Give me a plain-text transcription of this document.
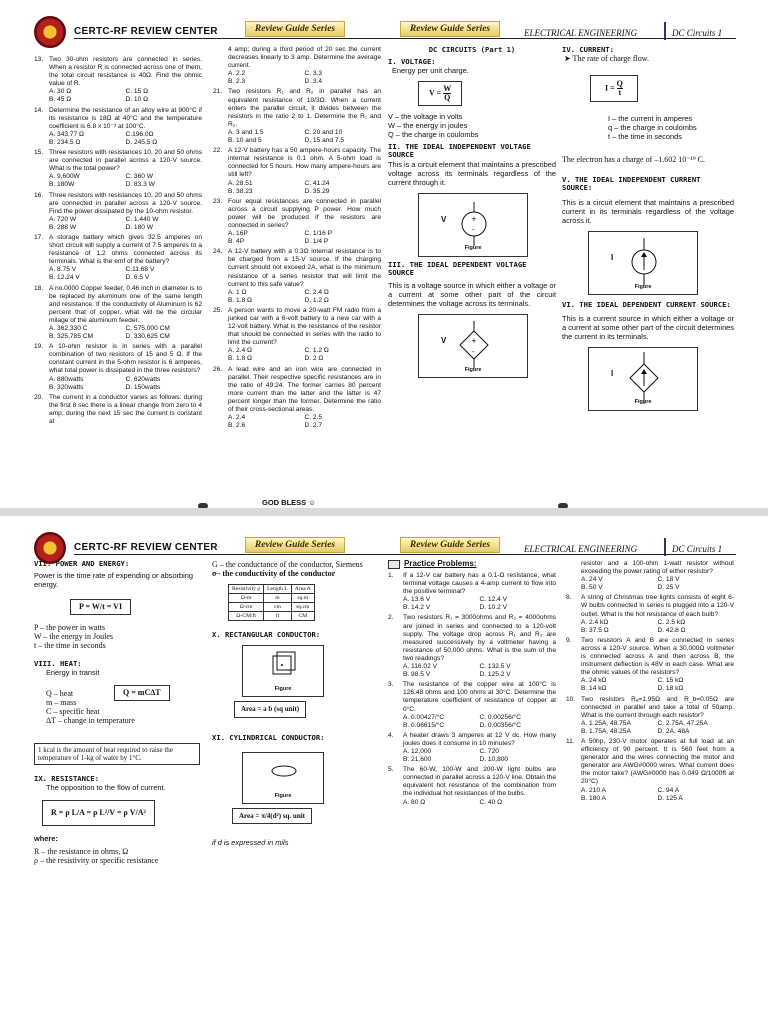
CERTC-RF REVIEW CENTER	Review Guide Series	Review Guide Series	ELECTRICAL ENGINEERING	DC Circuits 1
13. Two 30-ohm resistors are connected in series. When a resistor R is connected across one of them, the total circuit resistance is 40Ω. Find the ohmic value of R.
A. 30 Ω	C. 15 Ω
B. 45 Ω	D. 10 Ω
14. Determine the resistance of an alloy wire at 900°C if its resistance is 18Ω at 40°C and the temperature coefficient is 6.8 x 10⁻³ at 100°C.
A. 343.77 Ω	C.196.0Ω
B. 234.5 Ω	D. 245.5 Ω
15. Three resistors with resistances 10, 20 and 50 ohms are connected in parallel across a 120-V source. What is the total power?
A. 9,600W	C. 360 W
B. 180W	D. 83.3 W
16. Three resistors with resistances 10, 20 and 50 ohms are connected in parallel across a 120-V source. Find the power dissipated by the 10-ohm resistor.
A. 720 W	C. 1,440 W
B. 288 W	D. 180 W
17. A storage battery which gives 32.5 amperes on short circuit will supply a current of 7.5 amperes to a resistance of 1.2 ohms connected across its terminals. What is the emf of the battery?
A. 8.75 V	C.11.68 V
B. 12.24 V	D. 6.5 V
18. A no.0000 Copper feeder, 0.46 inch in diameter is to be replaced by aluminum one of the same length and resistance. If the conductivity of Aluminum is 62 percent that of copper, what will be the circular milage of the aluminum feeder.
A. 362,330 C	C. 575,000 CM
B. 325,785 CM	D. 330,625 CM
19. A 10-ohm resistor is in series with a parallel combination of two resistors of 15 and 5 Ω. If the constant current in the 5-ohm resistor is 6 amperes, what total power is dissipated in the three resistors?
A. 880watts	C. 620watts
B. 320watts	D. 150watts
20. The current in a conductor varies as follows: during the first 8 sec there is a linear change from zero to 4 amp; during the next 15 sec the current is constant at
4 amp; during a third period of 20 sec the current decreases linearly to 3 amp. Determine the average current.
A. 2.2	C. 3.3
B. 2.3	D. 3.4
21. Two resistors R₁ and R₂ in parallel has an equivalent resistance of 10/3Ω. When a current enters the parallel circuit, it divides between the resistors in the ratio 2 to 1. Determine the R₁ and R₂.
A. 3 and 1.5	C. 20 and 10
B. 10 and 5	D. 15 and 7.5
22. A 12-V battery has a 50 ampere-hours capacity. The internal resistance is 0.1 ohm. A 5-ohm load is connected for 5 hours. How many ampere-hours are still left?
A. 28.51	C. 41.24
B. 38.23	D. 35.29
23. Four equal resistances are connected in parallel across a circuit supplying P power. How much power will be produced if the resistors are connected in series?
A. 16P	C. 1/16 P
B. 4P	D. 1/4 P
24. A 12-V battery with a 0.3Ω internal resistance is to be charged from a 15-V source. If the charging current should not exceed 2A, what is the minimum resistance of a series resistor that will limit the current to this safe value?
A. 1 Ω	C. 2.4 Ω
B. 1.8 Ω	D. 1.2 Ω
25. A person wants to move a 20-watt FM radio from a junked car with a 6-volt battery to a new car with a 12-volt battery. What is the resistance of the resistor that should be connected in series with the radio to limit the current?
A. 2.4 Ω	C. 1.2 Ω
B. 1.8 Ω	D. 2 Ω
26. A lead wire and an iron wire are connected in parallel. Their respective specific resistances are in the ratio of 49:24. The former carries 80 percent more current than the latter and the latter is 47 percent longer than the former. Determine the ratio of their cross-sectional areas.
A. 2.4	C. 2.5
B. 2.6	D. 2.7
GOD BLESS ☺
DC CIRCUITS (Part 1)
I. VOLTAGE:
Energy per unit charge.
$V = \frac{W}{Q}$
V – the voltage in volts
W – the energy in joules
Q – the charge in coulombs
II. THE IDEAL INDEPENDENT VOLTAGE SOURCE
This is a circuit element that maintains a prescribed voltage across its terminals regardless of the current through it.
V	+
-
Figure
III. THE IDEAL DEPENDENT VOLTAGE SOURCE
This is a voltage source in which either a voltage or a current at some other part of the circuit determines the voltage across its terminals.
V	+
-
Figure
IV. CURRENT:
➤ The rate of charge flow.
$I = \frac{Q}{t}$
I – the current in amperes
q – the charge in coulombs
t – the time in seconds
The electron has a charge of –1.602 10⁻¹⁹ C.
V. THE IDEAL INDEPENDENT CURRENT SOURCE:
This is a circuit element that maintains a prescribed current in its terminals regardless of the voltage across it.
I
Figure
VI. THE IDEAL DEPENDENT CURRENT SOURCE:
This is a current source in which either a voltage or a current at some other part of the circuit determines the current in its terminals.
I
Figure
CERTC-RF REVIEW CENTER	Review Guide Series	Review Guide Series	ELECTRICAL ENGINEERING	DC Circuits 1
VII. POWER AND ENERGY:
Power is the time rate of expending or absorbing energy.
P = W/t = VI
P – the power in watts
W – the energy in Joules
t – the time in seconds
VIII. HEAT:
Energy in transit
Q – heat
m – mass
C – specific heat
ΔT – change in temperature
Q = mCΔT
1 kcal is the amount of heat required to raise the temperature of 1-kg of water by 1°C.
IX. RESISTANCE:
The opposition to the flow of current.
R = ρ L/A = ρ L²/V = ρ V/A²
where:
R – the resistance in ohms, Ω
ρ – the resistivity or specific resistance
G – the conductance of the conductor, Siemens
σ– the conductivity of the conductor
Resistivity ρ	Length L	Area A
Ω-m	m	sq.m
Ω-cm	cm	sq.cm
Ω-CM/ft	ft	CM
X. RECTANGULAR CONDUCTOR:
Figure
Area = a b (sq unit)
XI. CYLINDRICAL CONDUCTOR:
Figure
Area = π/4(d²) sq. unit
if d is expressed in mils
Practice Problems:
1.	If a 12-V car battery has a 0.1-Ω resistance, what terminal voltage causes a 4-amp current to flow into the positive terminal?
A. 13.6 V	C. 12.4 V
B. 14.2 V	D. 10.2 V
2.	Two resistors R₁ = 3000ohms and R₂ = 4000ohms are joined in series and connected to a 120-volt supply. The voltage drop across R₁ and R₂ are measured successively by a voltmeter having a resistance of 50,000 ohms. What is the sum of the two readings?
A. 116.02 V	C. 132.5 V
B. 98.5 V	D. 125.2 V
3.	The resistance of the copper wire at 100°C is 126.48 ohms and 100 ohms at 30°C. Determine the temperature coefficient of resistance of copper at 0°C.
A. 0.00427/°C	C. 0.00256/°C
B. 0.06615/°C	D. 0.00356/°C
4.	A heater draws 3 amperes at 12 V dc. How many joules does it consume in 10 minutes?
A. 12,000	C. 720
B. 21,600	D. 10,800
5.	The 60-W, 100-W and 200-W light bulbs are connected in parallel across a 120-V line. Obtain the equivalent hot resistance of the combination from the individual hot resistances of the bulbs.
A. 80 Ω	C. 40 Ω
resistor and a 100-ohm 1-watt resistor without exceeding the power rating of either resistor?
A. 24 V	C. 18 V
B. 50 V	D. 25 V
8.	A string of Christmas tree lights consists of eight 6-W bulbs connected in series is plugged into a 120-V outlet. What is the hot resistance of each bulb?
A. 2.4 kΩ	C. 2.5 kΩ
B. 37.5 Ω	D. 42.8 Ω
9.	Two resistors A and B are connected in series across a 120-V source. When a 30,000Ω voltmeter is connected across A and then across B, the instrument deflection is 48V in each case. What are the ohmic values of the resistors?
A. 24 kΩ	C. 15 kΩ
B. 14 kΩ	D. 18 kΩ
10. Two resistors Rₐ=1.95Ω and R_b=0.05Ω are connected in parallel and take a total of 50amp. What is the current through each resistor?
A. 1.25A, 48.75A	C. 2.75A, 47.25A
B. 1.75A, 48.25A	D. 2A, 48A
11. A 50hp, 230-V motor operates at full load at an efficiency of 90 percent. It is 560 feet from a generator and the wires connecting the motor and generator are AWG#0000 wires. What current does the motor take? (AWG#0000 has 0.049 Ω/1000ft at 20°C)
A. 210 A	C. 94 A
B. 180 A	D. 125 A
